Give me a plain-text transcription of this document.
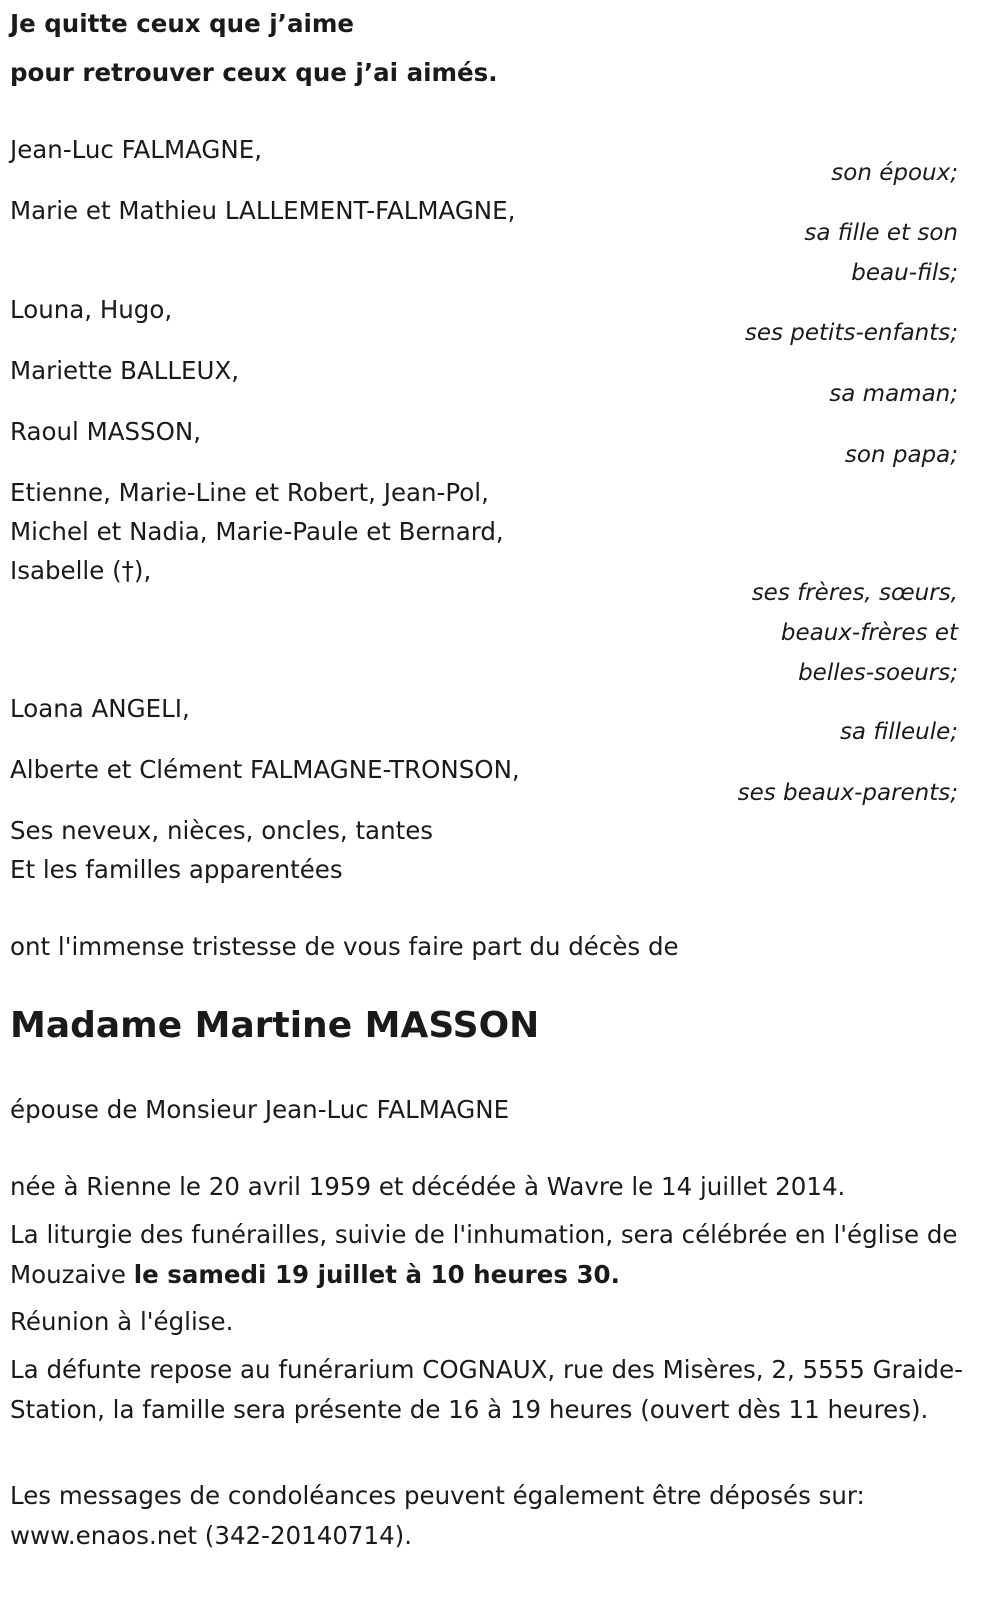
Je quitte ceux que j’aime
pour retrouver ceux que j’ai aimés.
Jean-Luc FALMAGNE,
Marie et Mathieu LALLEMENT-FALMAGNE,
Louna, Hugo,
Mariette BALLEUX,
Raoul MASSON,
Etienne, Marie-Line et Robert, Jean-Pol,
Michel et Nadia, Marie-Paule et Bernard,
Isabelle (†),
Loana ANGELI,
Alberte et Clément FALMAGNE-TRONSON,
Ses neveux, nièces, oncles, tantes
Et les familles apparentées
son époux;
sa fille et son
beau-fils;
ses petits-enfants;
sa maman;
son papa;
ses frères, sœurs,
beaux-frères et
belles-soeurs;
sa filleule;
ses beaux-parents;
ont l'immense tristesse de vous faire part du décès de
Madame Martine MASSON
épouse de Monsieur Jean-Luc FALMAGNE
née à Rienne le 20 avril 1959 et décédée à Wavre le 14 juillet 2014.
La liturgie des funérailles, suivie de l'inhumation, sera célébrée en l'église de Mouzaive le samedi 19 juillet à 10 heures 30.
Réunion à l'église.
La défunte repose au funérarium COGNAUX, rue des Misères, 2, 5555 Graide-Station, la famille sera présente de 16 à 19 heures (ouvert dès 11 heures).
Les messages de condoléances peuvent également être déposés sur: www.enaos.net (342-20140714).
